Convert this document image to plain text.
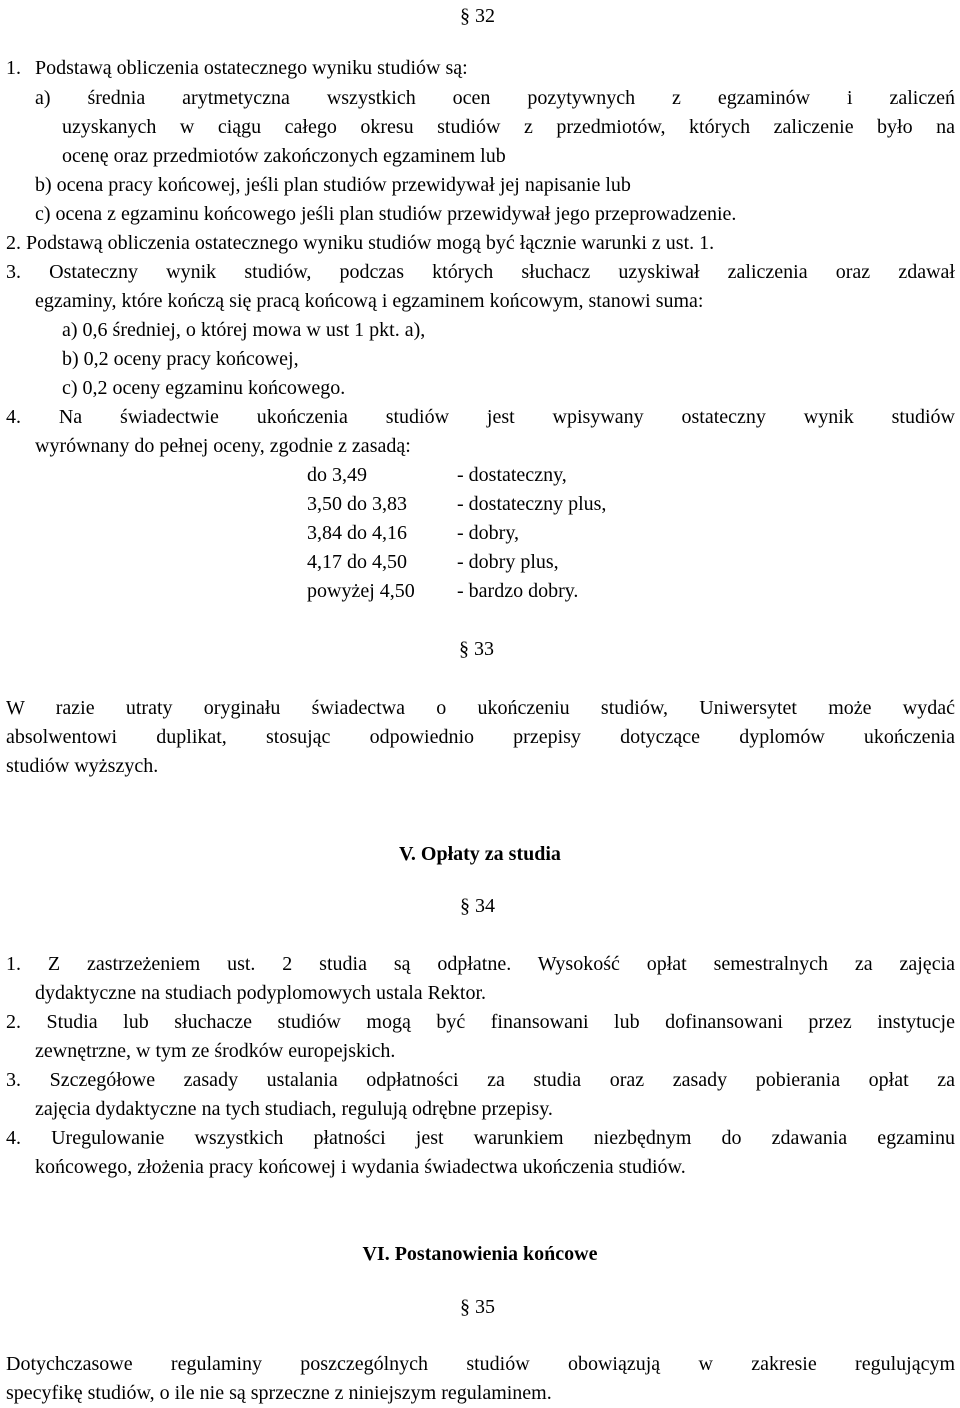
§ 32
1. Podstawą obliczenia ostatecznego wyniku studiów są:
a) średnia arytmetyczna wszystkich ocen pozytywnych z egzaminów i zaliczeń
uzyskanych w ciągu całego okresu studiów z przedmiotów, których zaliczenie było na
ocenę oraz przedmiotów zakończonych egzaminem lub
b) ocena pracy końcowej, jeśli plan studiów przewidywał jej napisanie lub
c) ocena z egzaminu końcowego jeśli plan studiów przewidywał jego przeprowadzenie.
2. Podstawą obliczenia ostatecznego wyniku studiów mogą być łącznie warunki z ust. 1.
3. Ostateczny wynik studiów, podczas których słuchacz uzyskiwał zaliczenia oraz zdawał
egzaminy, które kończą się pracą końcową i egzaminem końcowym, stanowi suma:
a) 0,6 średniej, o której mowa w ust 1 pkt. a),
b) 0,2 oceny pracy końcowej,
c) 0,2 oceny egzaminu końcowego.
4. Na świadectwie ukończenia studiów jest wpisywany ostateczny wynik studiów
wyrównany do pełnej oceny, zgodnie z zasadą:
do 3,49	- dostateczny,
3,50 do 3,83	- dostateczny plus,
3,84 do 4,16	- dobry,
4,17 do 4,50	- dobry plus,
powyżej 4,50	- bardzo dobry.
§ 33
W razie utraty oryginału świadectwa o ukończeniu studiów, Uniwersytet może wydać
absolwentowi duplikat, stosując odpowiednio przepisy dotyczące dyplomów ukończenia
studiów wyższych.
V. Opłaty za studia
§ 34
1. Z zastrzeżeniem ust. 2 studia są odpłatne. Wysokość opłat semestralnych za zajęcia
dydaktyczne na studiach podyplomowych ustala Rektor.
2. Studia lub słuchacze studiów mogą być finansowani lub dofinansowani przez instytucje
zewnętrzne, w tym ze środków europejskich.
3. Szczegółowe zasady ustalania odpłatności za studia oraz zasady pobierania opłat za
zajęcia dydaktyczne na tych studiach, regulują odrębne przepisy.
4. Uregulowanie wszystkich płatności jest warunkiem niezbędnym do zdawania egzaminu
końcowego, złożenia pracy końcowej i wydania świadectwa ukończenia studiów.
VI. Postanowienia końcowe
§ 35
Dotychczasowe regulaminy poszczególnych studiów obowiązują w zakresie regulującym
specyfikę studiów, o ile nie są sprzeczne z niniejszym regulaminem.
